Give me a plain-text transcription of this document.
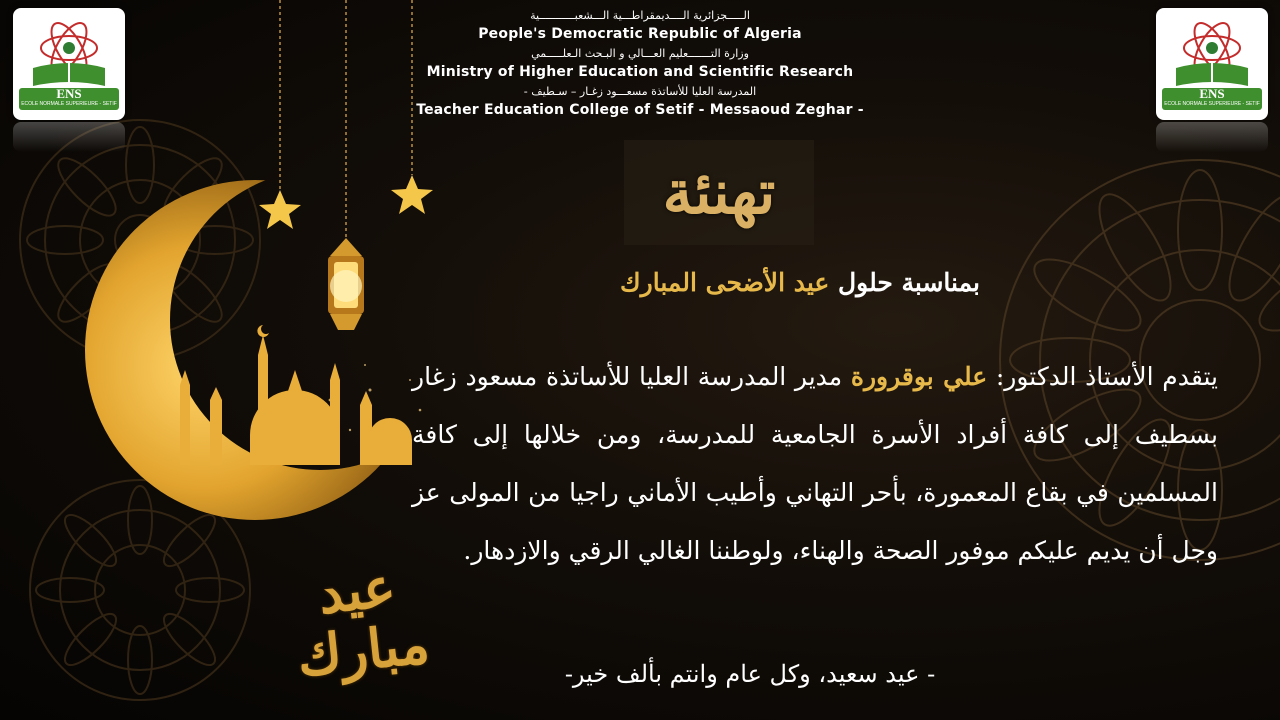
ENS
ECOLE NORMALE SUPERIEURE - SETIF
ENS
ECOLE NORMALE SUPERIEURE - SETIF
الـــــجزائرية الــــديمقراطـــية الـــشعبـــــــــــية
People's Democratic Republic of Algeria
وزارة التـــــــعليم العـــالي و البـحث الـعلـــــمي
Ministry of Higher Education and Scientific Research
المدرسة العليا للأساتذة مسعـــود زغـار – سـطيف -
Teacher Education College of Setif - Messaoud Zeghar -
تهنئة
بمناسبة حلول عيد الأضحى المبارك
يتقدم الأستاذ الدكتور: علي بوقرورة مدير المدرسة العليا للأساتذة مسعود زغار بسطيف إلى كافة أفراد الأسرة الجامعية للمدرسة، ومن خلالها إلى كافة المسلمين في بقاع المعمورة، بأحر التهاني وأطيب الأماني راجيا من المولى عز وجل أن يديم عليكم موفور الصحة والهناء، ولوطننا الغالي الرقي والازدهار.
- عيد سعيد، وكل عام وانتم بألف خير-
عيد مبارك
